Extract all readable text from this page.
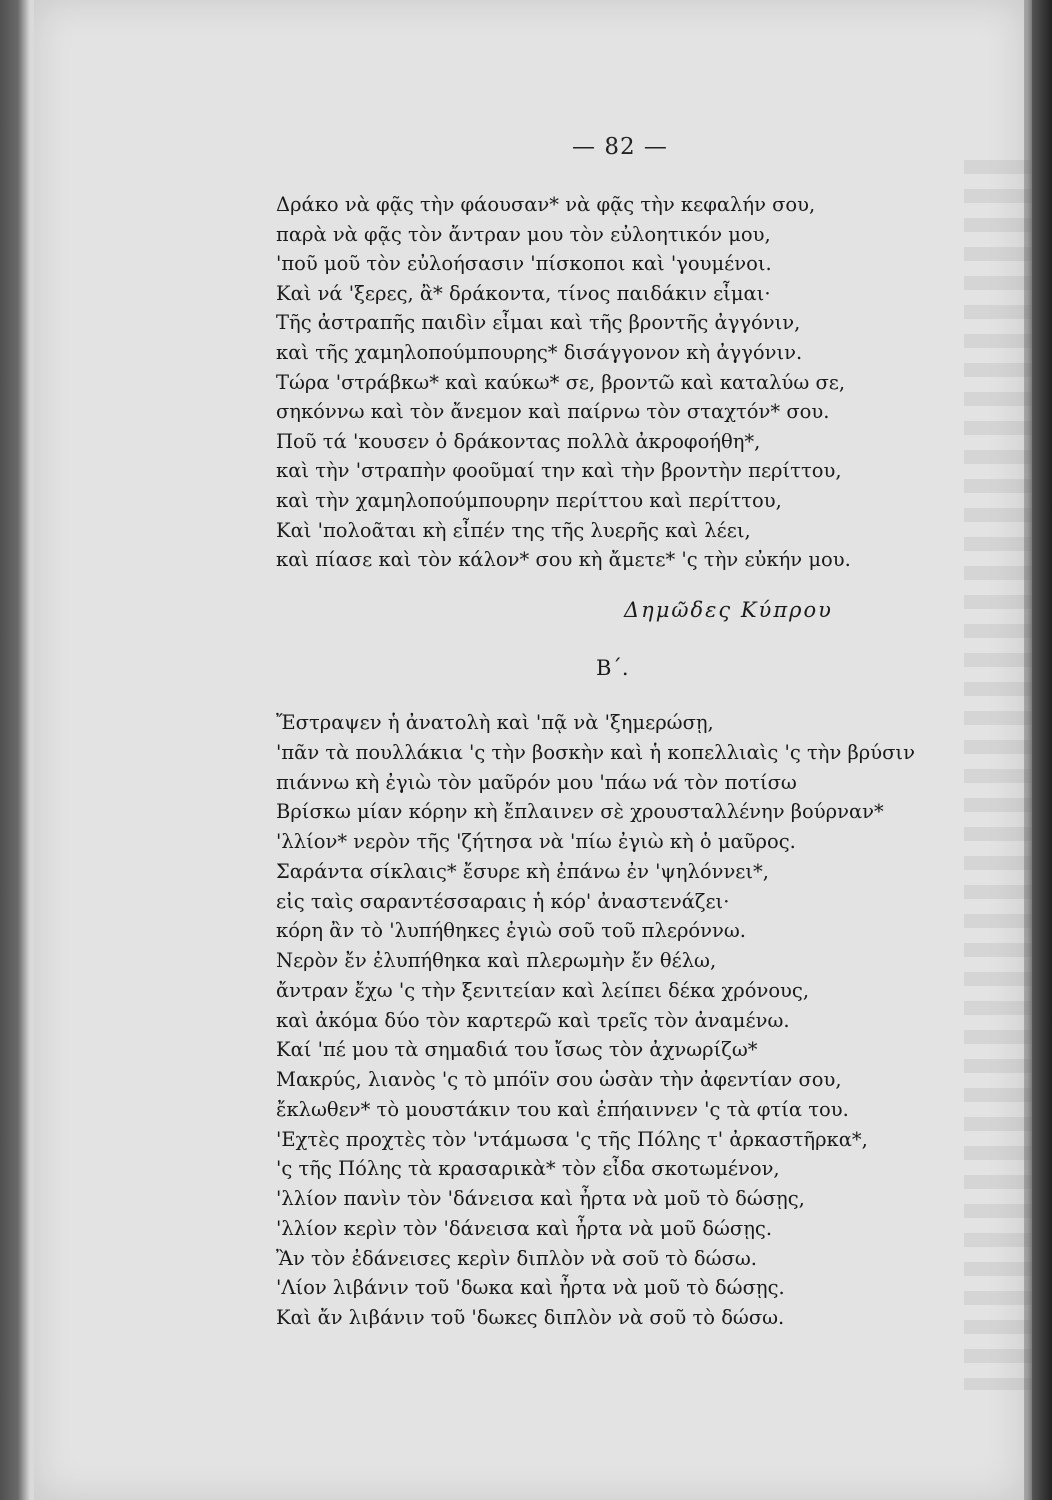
— 82 —
Δράκο νὰ φᾷς τὴν φάουσαν* νὰ φᾷς τὴν κεφαλήν σου,
παρὰ νὰ φᾷς τὸν ἄντραν μου τὸν εὐλοητικόν μου,
'ποῦ μοῦ τὸν εὐλοήσασιν 'πίσκοποι καὶ 'γουμένοι.
Καὶ νά 'ξερες, ἂ* δράκοντα, τίνος παιδάκιν εἶμαι·
Τῆς ἀστραπῆς παιδὶν εἶμαι καὶ τῆς βροντῆς ἀγγόνιν,
καὶ τῆς χαμηλοπούμπουρης* δισάγγονον κὴ ἀγγόνιν.
Τώρα 'στράβκω* καὶ καύκω* σε, βροντῶ καὶ καταλύω σε,
σηκόννω καὶ τὸν ἄνεμον καὶ παίρνω τὸν σταχτόν* σου.
Ποῦ τά 'κουσεν ὁ δράκοντας πολλὰ ἀκροφοήθη*,
καὶ τὴν 'στραπὴν φοοῦμαί την καὶ τὴν βροντὴν περίττου,
καὶ τὴν χαμηλοπούμπουρην περίττου καὶ περίττου,
Καὶ 'πολοᾶται κὴ εἶπέν της τῆς λυερῆς καὶ λέει,
καὶ πίασε καὶ τὸν κάλον* σου κὴ ἄμετε* 'ς τὴν εὐκήν μου.
Δημῶδες Κύπρου
Β΄.
Ἔστραψεν ἡ ἀνατολὴ καὶ 'πᾷ νὰ 'ξημερώσῃ,
'πᾶν τὰ πουλλάκια 'ς τὴν βοσκὴν καὶ ἡ κοπελλιαὶς 'ς τὴν βρύσιν
πιάννω κὴ ἐγιὼ τὸν μαῦρόν μου 'πάω νά τὸν ποτίσω
Βρίσκω μίαν κόρην κὴ ἔπλαινεν σὲ χρουσταλλένην βούρναν*
'λλίον* νερὸν τῆς 'ζήτησα νὰ 'πίω ἐγιὼ κὴ ὁ μαῦρος.
Σαράντα σίκλαις* ἔσυρε κὴ ἐπάνω ἐν 'ψηλόννει*,
εἰς ταὶς σαραντέσσαραις ἡ κόρ' ἀναστενάζει·
κόρη ἂν τὸ 'λυπήθηκες ἐγιὼ σοῦ τοῦ πλερόννω.
Νερὸν ἔν ἐλυπήθηκα καὶ πλερωμὴν ἔν θέλω,
ἄντραν ἔχω 'ς τὴν ξενιτείαν καὶ λείπει δέκα χρόνους,
καὶ ἀκόμα δύο τὸν καρτερῶ καὶ τρεῖς τὸν ἀναμένω.
Καί 'πέ μου τὰ σημαδιά του ἴσως τὸν ἀχνωρίζω*
Μακρύς, λιανὸς 'ς τὸ μπόϊν σου ὡσὰν τὴν ἀφεντίαν σου,
ἔκλωθεν* τὸ μουστάκιν του καὶ ἐπήαιννεν 'ς τὰ φτία του.
'Εχτὲς προχτὲς τὸν 'ντάμωσα 'ς τῆς Πόλης τ' ἀρκαστῆρκα*,
'ς τῆς Πόλης τὰ κρασαρικὰ* τὸν εἶδα σκοτωμένον,
'λλίον πανὶν τὸν 'δάνεισα καὶ ἦρτα νὰ μοῦ τὸ δώσῃς,
'λλίον κερὶν τὸν 'δάνεισα καὶ ἦρτα νὰ μοῦ δώσῃς.
Ἂν τὸν ἐδάνεισες κερὶν διπλὸν νὰ σοῦ τὸ δώσω.
'Λίον λιβάνιν τοῦ 'δωκα καὶ ἦρτα νὰ μοῦ τὸ δώσῃς.
Καὶ ἄν λιβάνιν τοῦ 'δωκες διπλὸν νὰ σοῦ τὸ δώσω.
